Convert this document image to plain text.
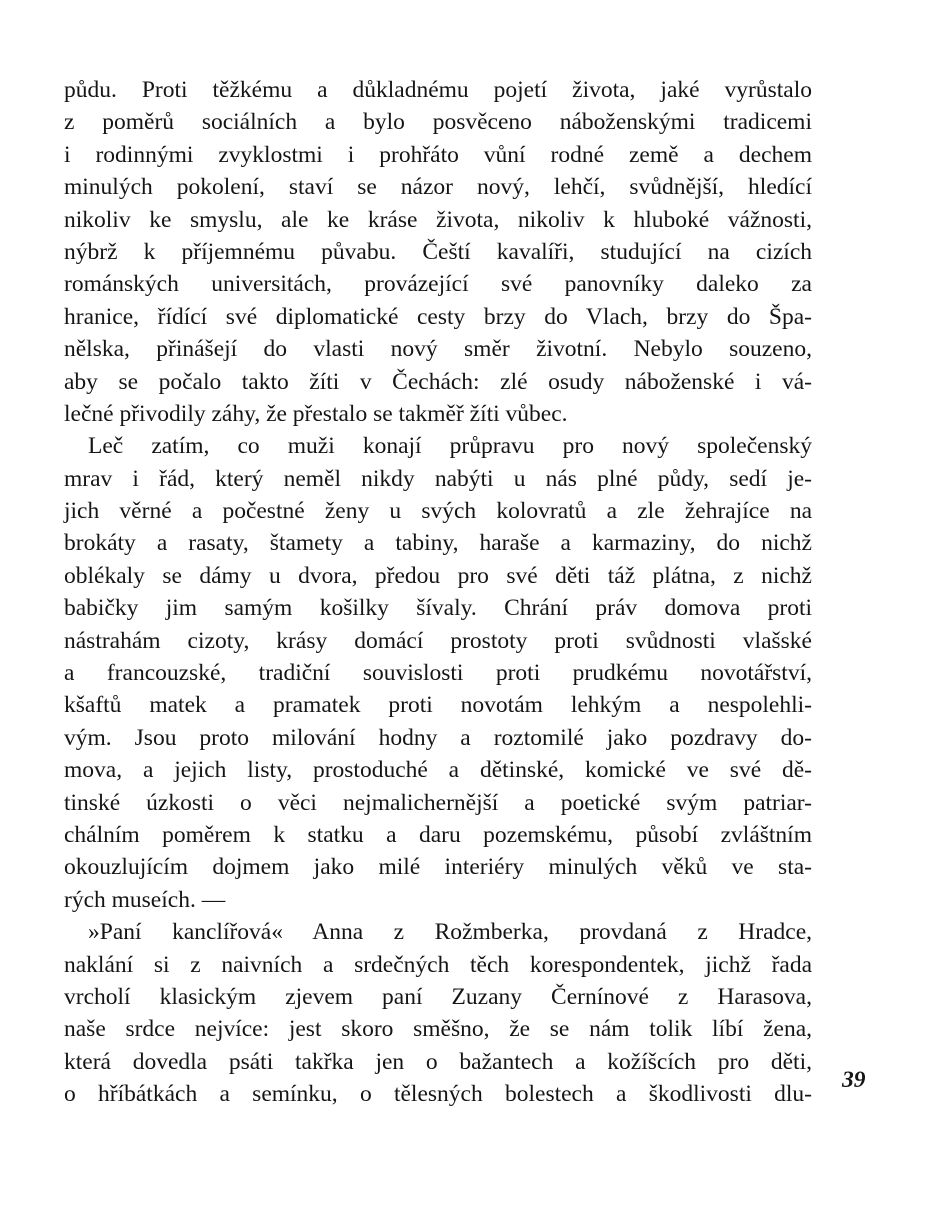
půdu. Proti těžkému a důkladnému pojetí života, jaké vyrůstalo
z poměrů sociálních a bylo posvěceno náboženskými tradicemi
i rodinnými zvyklostmi i prohřáto vůní rodné země a dechem
minulých pokolení, staví se názor nový, lehčí, svůdnější, hledící
nikoliv ke smyslu, ale ke kráse života, nikoliv k hluboké vážnosti,
nýbrž k příjemnému půvabu. Čeští kavalíři, studující na cizích
románských universitách, provázející své panovníky daleko za
hranice, řídící své diplomatické cesty brzy do Vlach, brzy do Špa-
nělska, přinášejí do vlasti nový směr životní. Nebylo souzeno,
aby se počalo takto žíti v Čechách: zlé osudy náboženské i vá-
lečné přivodily záhy, že přestalo se takměř žíti vůbec.
Leč zatím, co muži konají průpravu pro nový společenský
mrav i řád, který neměl nikdy nabýti u nás plné půdy, sedí je-
jich věrné a počestné ženy u svých kolovratů a zle žehrajíce na
brokáty a rasaty, štamety a tabiny, haraše a karmaziny, do nichž
oblékaly se dámy u dvora, předou pro své děti táž plátna, z nichž
babičky jim samým košilky šívaly. Chrání práv domova proti
nástrahám cizoty, krásy domácí prostoty proti svůdnosti vlašské
a francouzské, tradiční souvislosti proti prudkému novotářství,
kšaftů matek a pramatek proti novotám lehkým a nespolehli-
vým. Jsou proto milování hodny a roztomilé jako pozdravy do-
mova, a jejich listy, prostoduché a dětinské, komické ve své dě-
tinské úzkosti o věci nejmalichernější a poetické svým patriar-
chálním poměrem k statku a daru pozemskému, působí zvláštním
okouzlujícím dojmem jako milé interiéry minulých věků ve sta-
rých museích. —
»Paní kanclířová« Anna z Rožmberka, provdaná z Hradce,
naklání si z naivních a srdečných těch korespondentek, jichž řada
vrcholí klasickým zjevem paní Zuzany Černínové z Harasova,
naše srdce nejvíce: jest skoro směšno, že se nám tolik líbí žena,
která dovedla psáti takřka jen o bažantech a kožíšcích pro děti,
o hříbátkách a semínku, o tělesných bolestech a škodlivosti dlu-
39
